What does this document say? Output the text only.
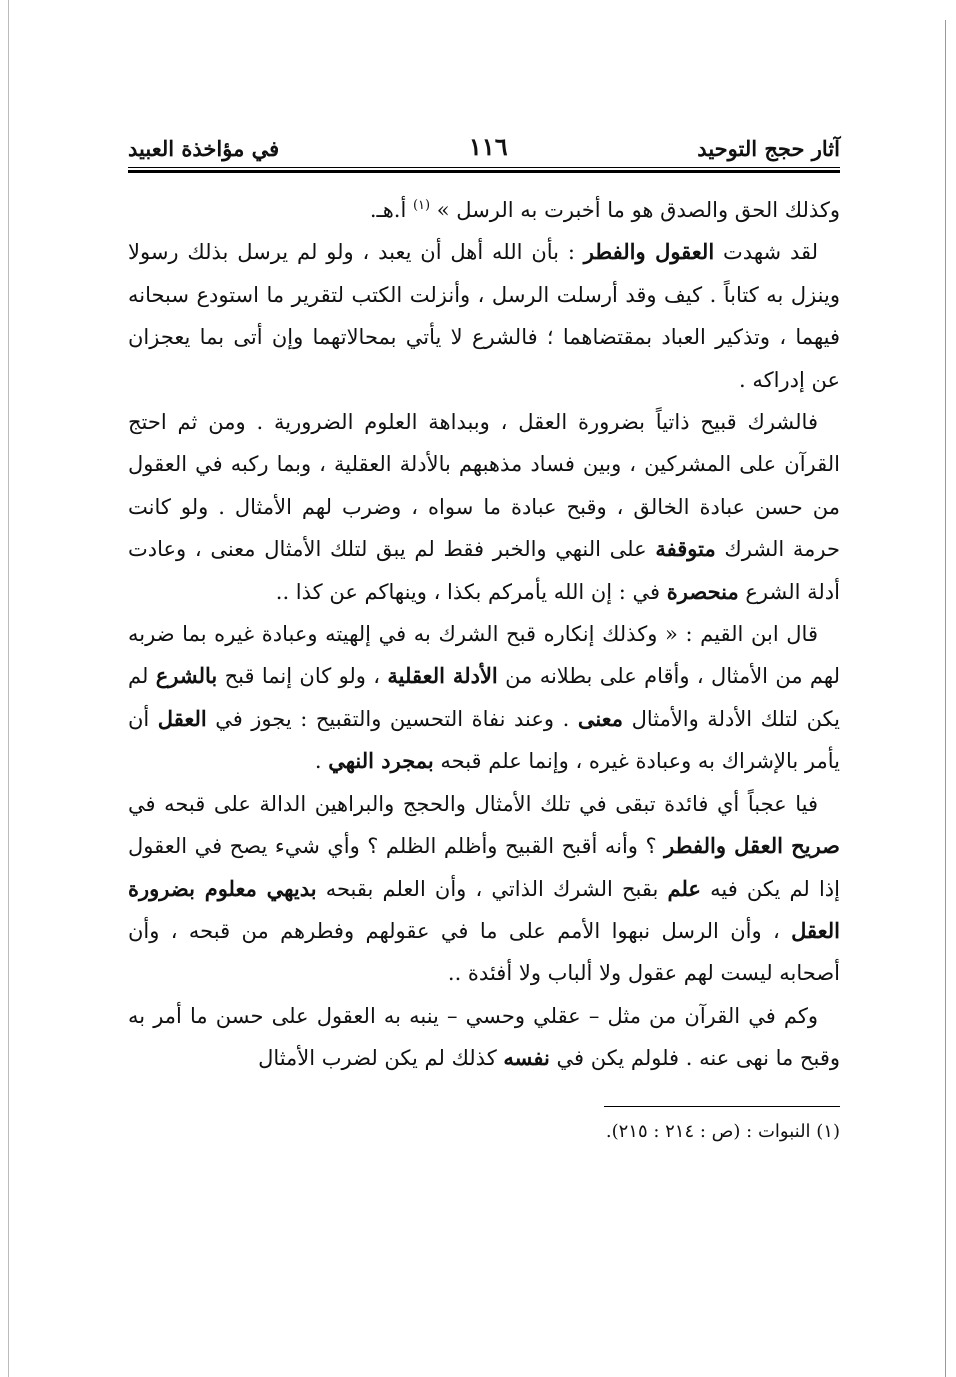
آثار حجج التوحيد
١١٦
في مؤاخذة العبيد

وكذلك الحق والصدق هو ما أخبرت به الرسل » $^{(١)}$ أ.هـ.

لقد شهدت العقول والفطر : بأن الله أهل أن يعبد ، ولو لم يرسل بذلك رسولا وينزل به كتاباً . كيف وقد أرسلت الرسل ، وأنزلت الكتب لتقرير ما استودع سبحانه فيهما ، وتذكير العباد بمقتضاهما ؛ فالشرع لا يأتي بمحالاتهما وإن أتى بما يعجزان عن إدراكه .

فالشرك قبيح ذاتياً بضرورة العقل ، وببداهة العلوم الضرورية . ومن ثم احتج القرآن على المشركين ، وبين فساد مذهبهم بالأدلة العقلية ، وبما ركبه في العقول من حسن عبادة الخالق ، وقبح عبادة ما سواه ، وضرب لهم الأمثال . ولو كانت حرمة الشرك متوقفة على النهي والخبر فقط لم يبق لتلك الأمثال معنى ، وعادت أدلة الشرع منحصرة في : إن الله يأمركم بكذا ، وينهاكم عن كذا ..

قال ابن القيم : « وكذلك إنكاره قبح الشرك به في إلهيته وعبادة غيره بما ضربه لهم من الأمثال ، وأقام على بطلانه من الأدلة العقلية ، ولو كان إنما قبح بالشرع لم يكن لتلك الأدلة والأمثال معنى . وعند نفاة التحسين والتقبيح : يجوز في العقل أن يأمر بالإشراك به وعبادة غيره ، وإنما علم قبحه بمجرد النهي .

فيا عجباً أي فائدة تبقى في تلك الأمثال والحجج والبراهين الدالة على قبحه في صريح العقل والفطر ؟ وأنه أقبح القبيح وأظلم الظلم ؟ وأي شيء يصح في العقول إذا لم يكن فيه علم بقبح الشرك الذاتي ، وأن العلم بقبحه بديهي معلوم بضرورة العقل ، وأن الرسل نبهوا الأمم على ما في عقولهم وفطرهم من قبحه ، وأن أصحابه ليست لهم عقول ولا ألباب ولا أفئدة ..

وكم في القرآن من مثل – عقلي وحسي – ينبه به العقول على حسن ما أمر به وقبح ما نهى عنه . فلولم يكن في نفسه كذلك لم يكن لضرب الأمثال

(١) النبوات : (ص : ٢١٤ : ٢١٥).
